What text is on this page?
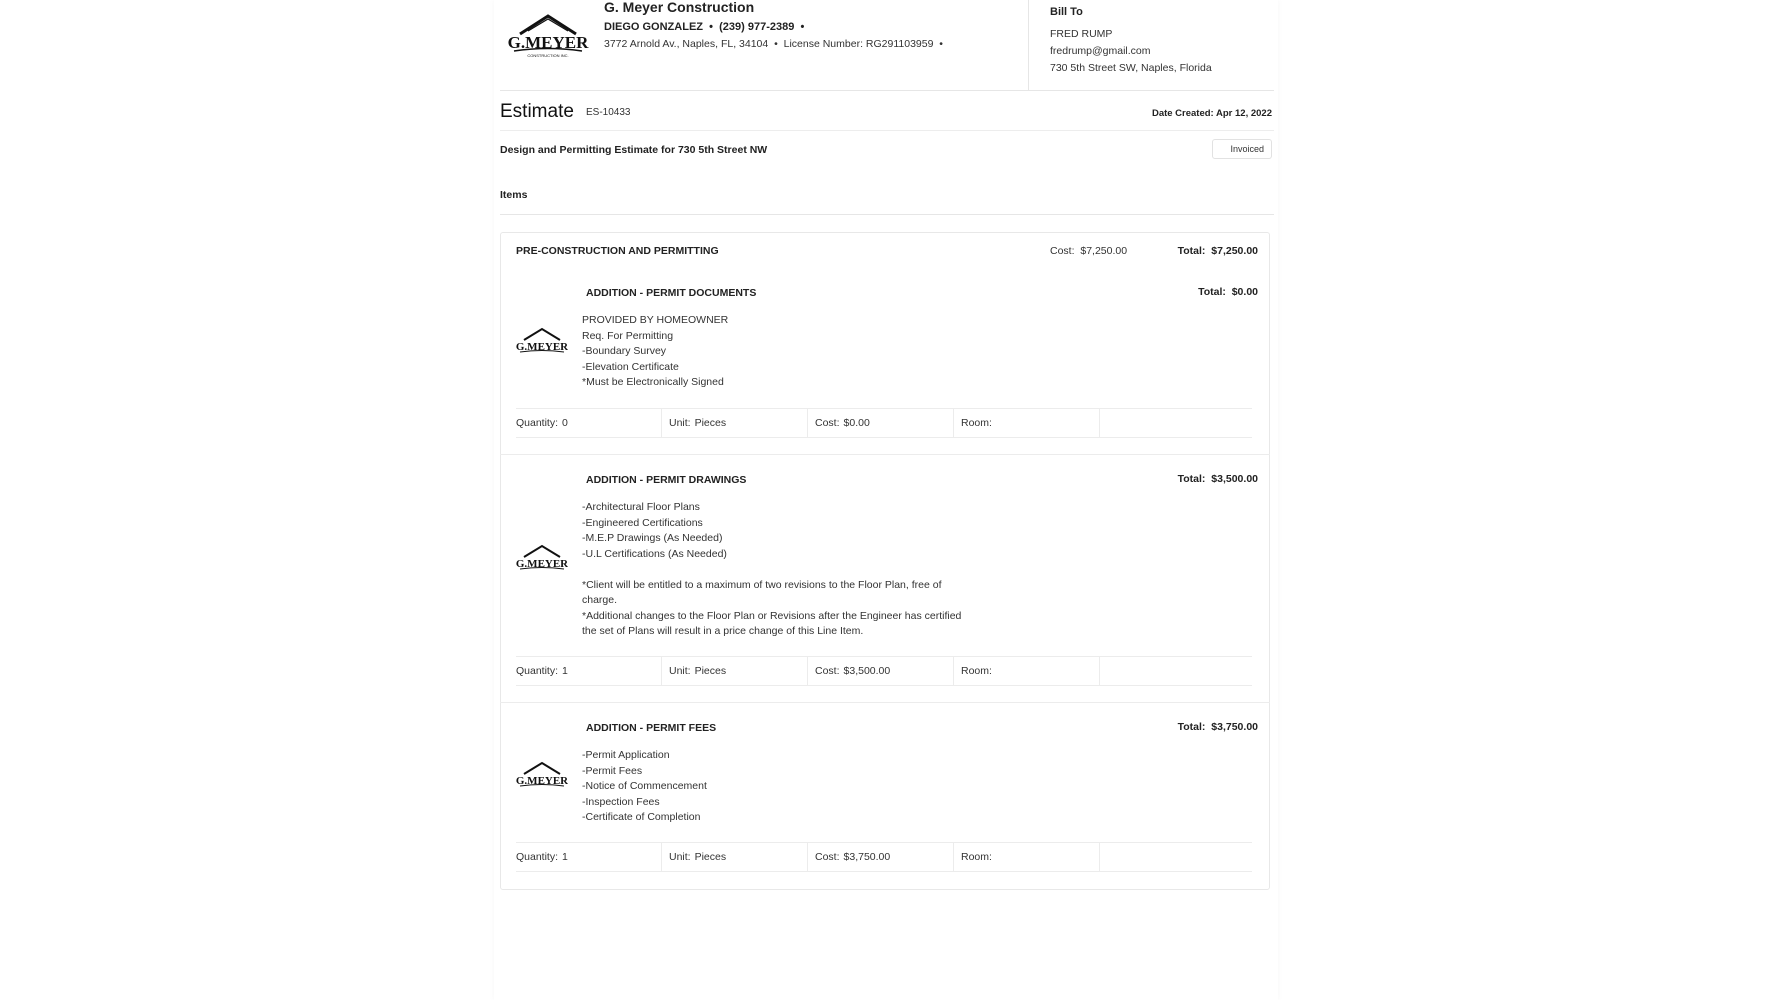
G.MEYER
CONSTRUCTION INC.
G. Meyer Construction
DIEGO GONZALEZ • (239) 977-2389 •
3772 Arnold Av., Naples, FL, 34104 • License Number: RG291103959 •
Bill To
FRED RUMP
fredrump@gmail.com
730 5th Street SW, Naples, Florida
Estimate ES-10433	Date Created: Apr 12, 2022
Design and Permitting Estimate for 730 5th Street NW	Invoiced
Items
PRE-CONSTRUCTION AND PERMITTING	Cost: $7,250.00	Total: $7,250.00
G.MEYER
ADDITION - PERMIT DOCUMENTS	Total: $0.00
PROVIDED BY HOMEOWNER
Req. For Permitting
-Boundary Survey
-Elevation Certificate
*Must be Electronically Signed
Quantity: 0	Unit: Pieces	Cost: $0.00	Room:
G.MEYER
ADDITION - PERMIT DRAWINGS	Total: $3,500.00
-Architectural Floor Plans
-Engineered Certifications
-M.E.P Drawings (As Needed)
-U.L Certifications (As Needed)

*Client will be entitled to a maximum of two revisions to the Floor Plan, free of
charge.
*Additional changes to the Floor Plan or Revisions after the Engineer has certified
the set of Plans will result in a price change of this Line Item.
Quantity: 1	Unit: Pieces	Cost: $3,500.00	Room:
G.MEYER
ADDITION - PERMIT FEES	Total: $3,750.00
-Permit Application
-Permit Fees
-Notice of Commencement
-Inspection Fees
-Certificate of Completion
Quantity: 1	Unit: Pieces	Cost: $3,750.00	Room:
